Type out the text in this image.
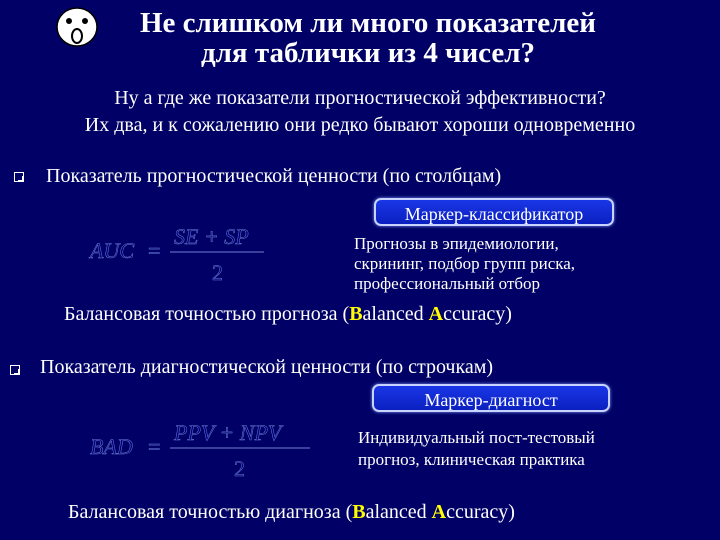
Не слишком ли много показателей
для таблички из 4 чисел?
Ну а где же показатели прогностической эффективности?
Их два, и к сожалению они редко бывают хороши одновременно
Показатель прогностической ценности (по столбцам)
Маркер-классификатор
AUC =
SE + SP
2
Прогнозы в эпидемиологии,
скрининг, подбор групп риска,
профессиональный отбор
Балансовая точностью прогноза (Balanced Accuracy)
Показатель диагностической ценности (по строчкам)
Маркер-диагност
BAD =
PPV + NPV
2
Индивидуальный пост-тестовый
прогноз, клиническая практика
Балансовая точностью диагноза (Balanced Accuracy)
